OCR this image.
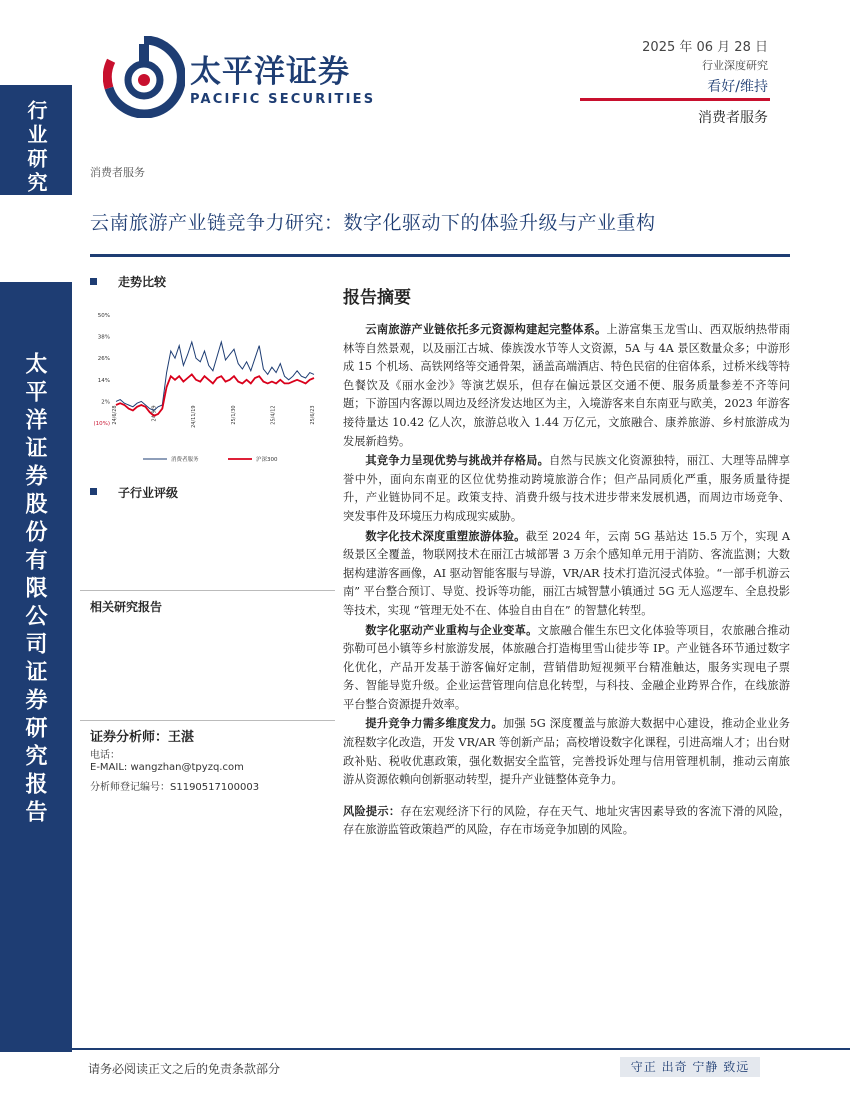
行业研究
太平洋证券股份有限公司证券研究报告
太平洋证券
PACIFIC SECURITIES
2025 年 06 月 28 日
行业深度研究
看好/维持
消费者服务
消费者服务
云南旅游产业链竞争力研究：数字化驱动下的体验升级与产业重构
走势比较
50%
38%
26%
14%
2%
(10%) 24/6/28	24/9/9	24/11/19	25/1/30	25/4/12	25/6/23
消费者服务	沪深300
子行业评级
相关研究报告
证券分析师：王湛
电话：
E-MAIL: wangzhan@tpyzq.com
分析师登记编号：S1190517100003
报告摘要

云南旅游产业链依托多元资源构建起完整体系。上游富集玉龙雪山、西双版纳热带雨林等自然景观，以及丽江古城、傣族泼水节等人文资源，5A 与 4A 景区数量众多；中游形成 15 个机场、高铁网络等交通骨架，涵盖高端酒店、特色民宿的住宿体系，过桥米线等特色餐饮及《丽水金沙》等演艺娱乐，但存在偏远景区交通不便、服务质量参差不齐等问题；下游国内客源以周边及经济发达地区为主，入境游客来自东南亚与欧美，2023 年游客接待量达 10.42 亿人次，旅游总收入 1.44 万亿元，文旅融合、康养旅游、乡村旅游成为发展新趋势。

其竞争力呈现优势与挑战并存格局。自然与民族文化资源独特，丽江、大理等品牌享誉中外，面向东南亚的区位优势推动跨境旅游合作；但产品同质化严重，服务质量待提升，产业链协同不足。政策支持、消费升级与技术进步带来发展机遇，而周边市场竞争、突发事件及环境压力构成现实威胁。

数字化技术深度重塑旅游体验。截至 2024 年，云南 5G 基站达 15.5 万个，实现 A 级景区全覆盖，物联网技术在丽江古城部署 3 万余个感知单元用于消防、客流监测；大数据构建游客画像，AI 驱动智能客服与导游，VR/AR 技术打造沉浸式体验。“一部手机游云南” 平台整合预订、导览、投诉等功能，丽江古城智慧小镇通过 5G 无人巡逻车、全息投影等技术，实现 “管理无处不在、体验自由自在” 的智慧化转型。

数字化驱动产业重构与企业变革。文旅融合催生东巴文化体验等项目，农旅融合推动弥勒可邑小镇等乡村旅游发展，体旅融合打造梅里雪山徒步等 IP。产业链各环节通过数字化优化，产品开发基于游客偏好定制，营销借助短视频平台精准触达，服务实现电子票务、智能导览升级。企业运营管理向信息化转型，与科技、金融企业跨界合作，在线旅游平台整合资源提升效率。

提升竞争力需多维度发力。加强 5G 深度覆盖与旅游大数据中心建设，推动企业业务流程数字化改造，开发 VR/AR 等创新产品；高校增设数字化课程，引进高端人才；出台财政补贴、税收优惠政策，强化数据安全监管，完善投诉处理与信用管理机制，推动云南旅游从资源依赖向创新驱动转型，提升产业链整体竞争力。

风险提示：存在宏观经济下行的风险，存在天气、地址灾害因素导致的客流下滑的风险，存在旅游监管政策趋严的风险，存在市场竞争加剧的风险。

请务必阅读正文之后的免责条款部分	守正 出奇 宁静 致远
